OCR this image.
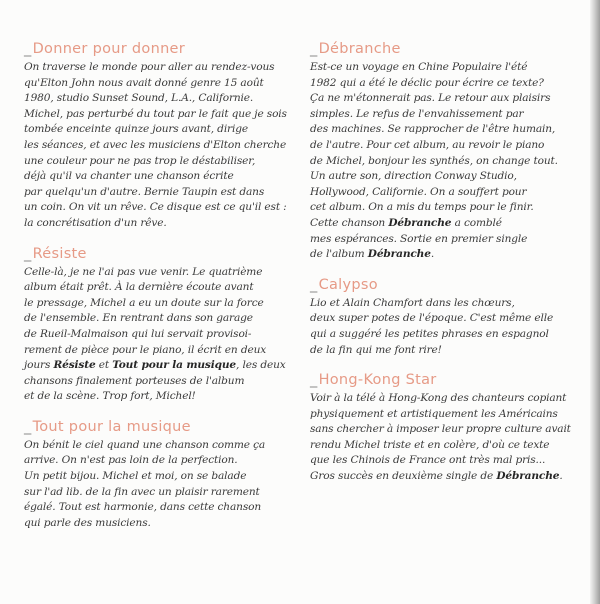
_Donner pour donner

On traverse le monde pour aller au rendez-vous
qu'Elton John nous avait donné genre 15 août
1980, studio Sunset Sound, L.A., Californie.
Michel, pas perturbé du tout par le fait que je sois
tombée enceinte quinze jours avant, dirige
les séances, et avec les musiciens d'Elton cherche
une couleur pour ne pas trop le déstabiliser,
déjà qu'il va chanter une chanson écrite
par quelqu'un d'autre. Bernie Taupin est dans
un coin. On vit un rêve. Ce disque est ce qu'il est :
la concrétisation d'un rêve.

_Résiste

Celle-là, je ne l'ai pas vue venir. Le quatrième
album était prêt. À la dernière écoute avant
le pressage, Michel a eu un doute sur la force
de l'ensemble. En rentrant dans son garage
de Rueil-Malmaison qui lui servait provisoi-
rement de pièce pour le piano, il écrit en deux
jours Résiste et Tout pour la musique, les deux
chansons finalement porteuses de l'album
et de la scène. Trop fort, Michel!

_Tout pour la musique

On bénit le ciel quand une chanson comme ça
arrive. On n'est pas loin de la perfection.
Un petit bijou. Michel et moi, on se balade
sur l'ad lib. de la fin avec un plaisir rarement
égalé. Tout est harmonie, dans cette chanson
qui parle des musiciens.

_Débranche

Est-ce un voyage en Chine Populaire l'été
1982 qui a été le déclic pour écrire ce texte?
Ça ne m'étonnerait pas. Le retour aux plaisirs
simples. Le refus de l'envahissement par
des machines. Se rapprocher de l'être humain,
de l'autre. Pour cet album, au revoir le piano
de Michel, bonjour les synthés, on change tout.
Un autre son, direction Conway Studio,
Hollywood, Californie. On a souffert pour
cet album. On a mis du temps pour le finir.
Cette chanson Débranche a comblé
mes espérances. Sortie en premier single
de l'album Débranche.

_Calypso

Lio et Alain Chamfort dans les chœurs,
deux super potes de l'époque. C'est même elle
qui a suggéré les petites phrases en espagnol
de la fin qui me font rire!

_Hong-Kong Star

Voir à la télé à Hong-Kong des chanteurs copiant
physiquement et artistiquement les Américains
sans chercher à imposer leur propre culture avait
rendu Michel triste et en colère, d'où ce texte
que les Chinois de France ont très mal pris...
Gros succès en deuxième single de Débranche.
